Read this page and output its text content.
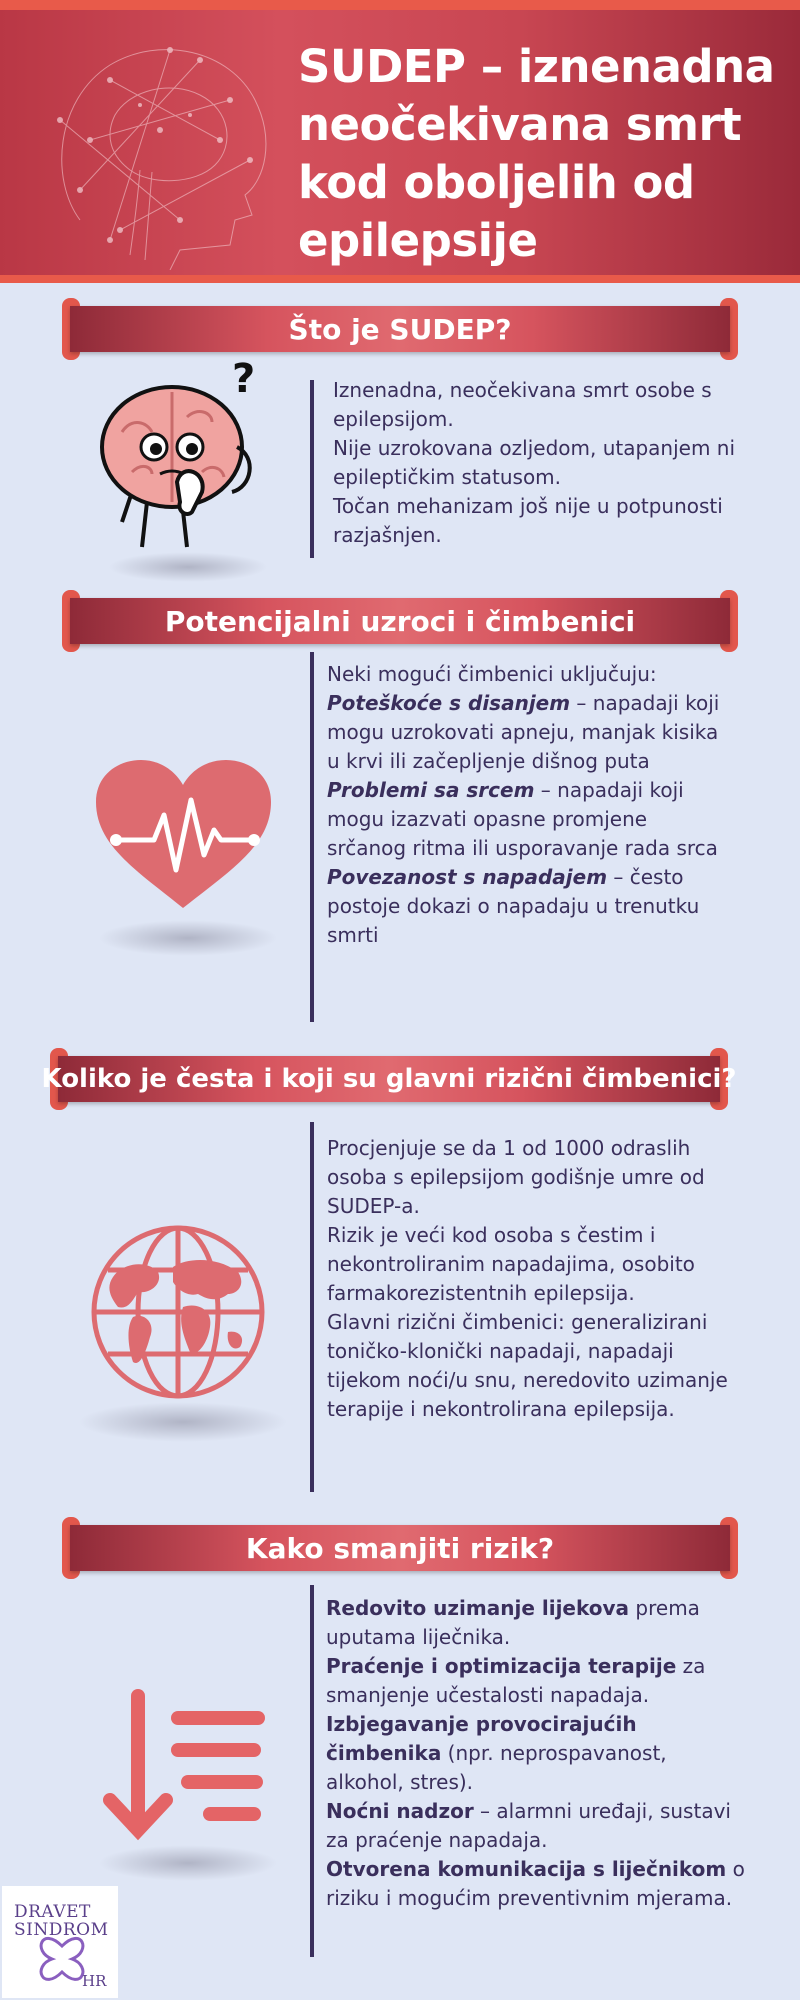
SUDEP – iznenadna neočekivana smrt kod oboljelih od epilepsije
Što je SUDEP?
?	Iznenadna, neočekivana smrt osobe s epilepsijom.

Nije uzrokovana ozljedom, utapanjem ni epileptičkim statusom.

Točan mehanizam još nije u potpunosti razjašnjen.

Potencijalni uzroci i čimbenici

Neki mogući čimbenici uključuju:

Poteškoće s disanjem – napadaji koji mogu uzrokovati apneju, manjak kisika u krvi ili začepljenje dišnog puta

Problemi sa srcem – napadaji koji mogu izazvati opasne promjene srčanog ritma ili usporavanje rada srca

Povezanost s napadajem – često postoje dokazi o napadaju u trenutku smrti

Koliko je česta i koji su glavni rizični čimbenici?

Procjenjuje se da 1 od 1000 odraslih osoba s epilepsijom godišnje umre od SUDEP-a.

Rizik je veći kod osoba s čestim i nekontroliranim napadajima, osobito farmakorezistentnih epilepsija.

Glavni rizični čimbenici: generalizirani toničko-klonički napadaji, napadaji tijekom noći/u snu, neredovito uzimanje terapije i nekontrolirana epilepsija.

Kako smanjiti rizik?

Redovito uzimanje lijekova prema uputama liječnika.

Praćenje i optimizacija terapije za smanjenje učestalosti napadaja.

Izbjegavanje provocirajućih čimbenika (npr. neprospavanost, alkohol, stres).

Noćni nadzor – alarmni uređaji, sustavi za praćenje napadaja.

Otvorena komunikacija s liječnikom o riziku i mogućim preventivnim mjerama.

DRAVET
SINDROM
HR
